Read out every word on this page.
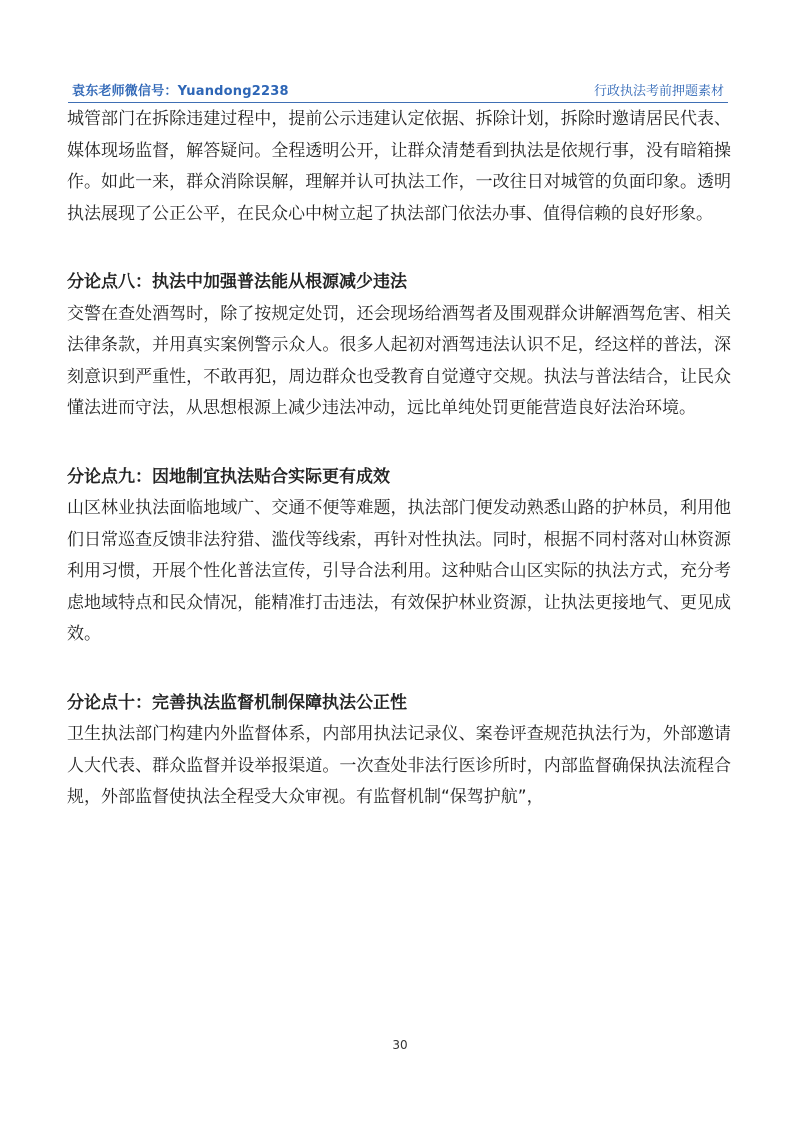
袁东老师微信号：Yuandong2238	行政执法考前押题素材

城管部门在拆除违建过程中，提前公示违建认定依据、拆除计划，拆除时邀请居民代表、媒体现场监督，解答疑问。全程透明公开，让群众清楚看到执法是依规行事，没有暗箱操作。如此一来，群众消除误解，理解并认可执法工作，一改往日对城管的负面印象。透明执法展现了公正公平，在民众心中树立起了执法部门依法办事、值得信赖的良好形象。

分论点八：执法中加强普法能从根源减少违法

交警在查处酒驾时，除了按规定处罚，还会现场给酒驾者及围观群众讲解酒驾危害、相关法律条款，并用真实案例警示众人。很多人起初对酒驾违法认识不足，经这样的普法，深刻意识到严重性，不敢再犯，周边群众也受教育自觉遵守交规。执法与普法结合，让民众懂法进而守法，从思想根源上减少违法冲动，远比单纯处罚更能营造良好法治环境。

分论点九：因地制宜执法贴合实际更有成效

山区林业执法面临地域广、交通不便等难题，执法部门便发动熟悉山路的护林员，利用他们日常巡查反馈非法狩猎、滥伐等线索，再针对性执法。同时，根据不同村落对山林资源利用习惯，开展个性化普法宣传，引导合法利用。这种贴合山区实际的执法方式，充分考虑地域特点和民众情况，能精准打击违法，有效保护林业资源，让执法更接地气、更见成效。

分论点十：完善执法监督机制保障执法公正性

卫生执法部门构建内外监督体系，内部用执法记录仪、案卷评查规范执法行为，外部邀请人大代表、群众监督并设举报渠道。一次查处非法行医诊所时，内部监督确保执法流程合规，外部监督使执法全程受大众审视。有监督机制“保驾护航”，

30
